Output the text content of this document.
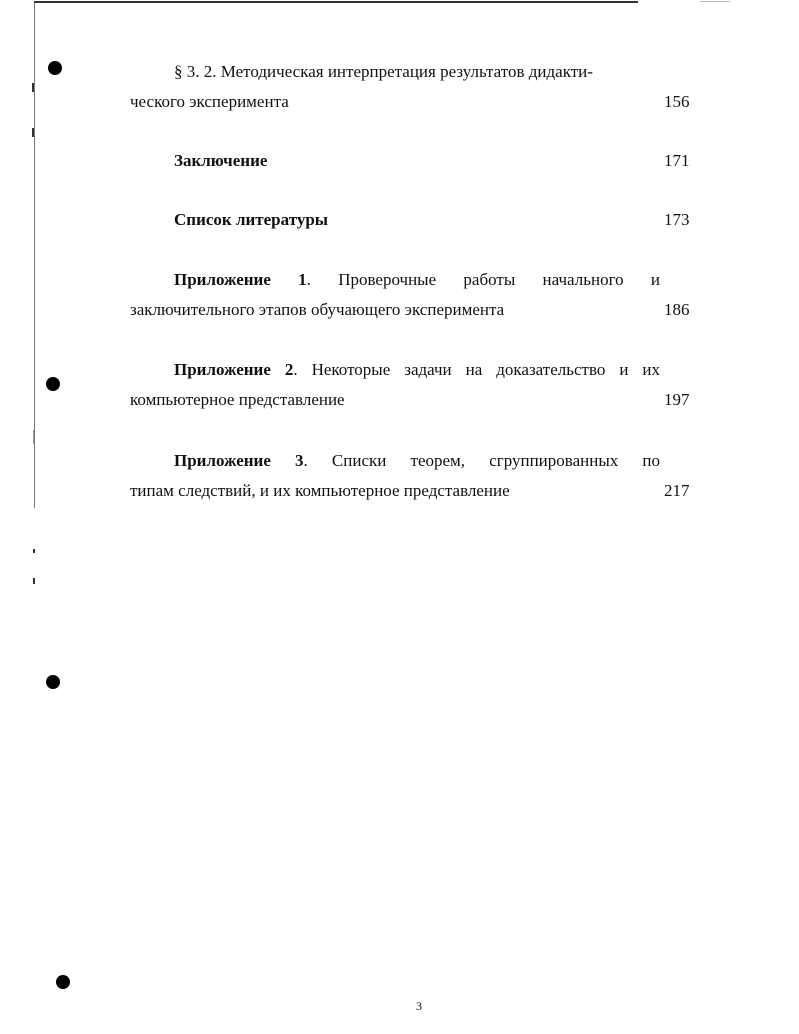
§ 3. 2. Методическая интерпретация результатов дидакти-
ческого эксперимента	156
Заключение	171
Список литературы	173
Приложение 1. Проверочные работы начального и
заключительного этапов обучающего эксперимента	186
Приложение 2. Некоторые задачи на доказательство и их
компьютерное представление	197
Приложение 3. Списки теорем, сгруппированных по
типам следствий, и их компьютерное представление	217
3
